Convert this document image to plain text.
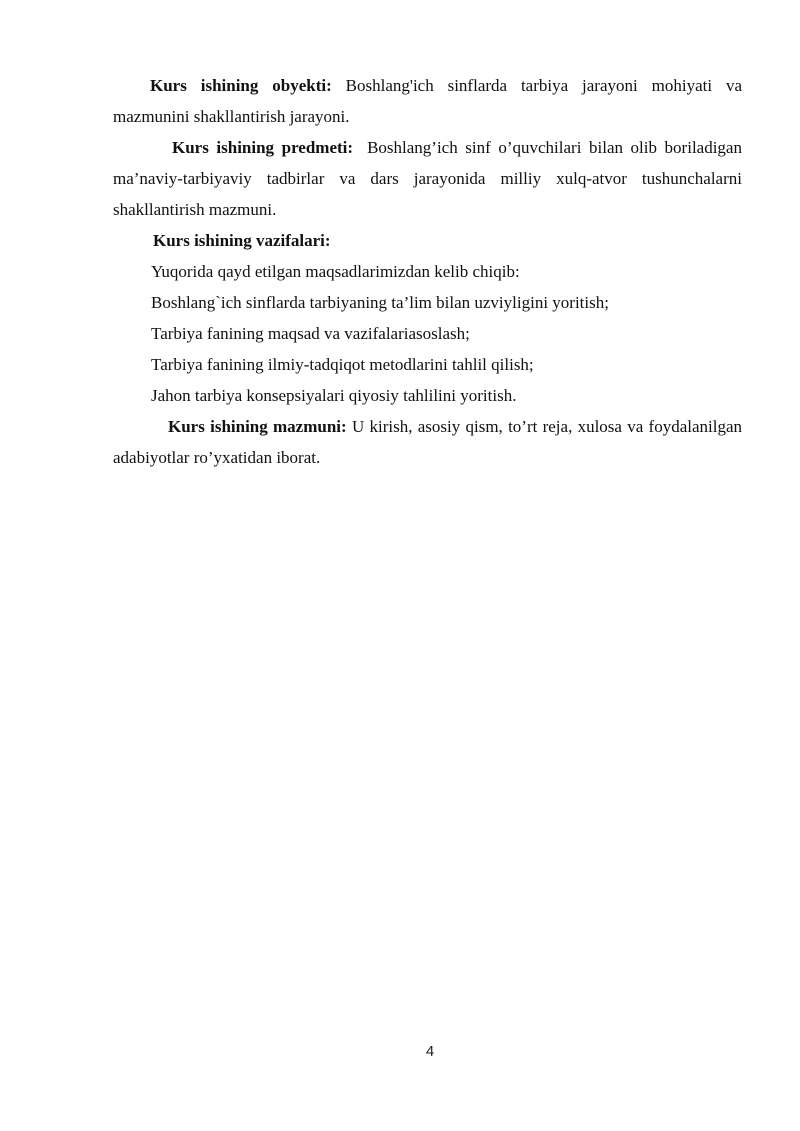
Kurs ishining obyekti: Boshlang'ich sinflarda tarbiya jarayoni mohiyati va mazmunini shakllantirish jarayoni.

Kurs ishining predmeti: Boshlang’ich sinf o’quvchilari bilan olib boriladigan ma’naviy-tarbiyaviy tadbirlar va dars jarayonida milliy xulq-atvor tushunchalarni shakllantirish mazmuni.

Kurs ishining vazifalari:

Yuqorida qayd etilgan maqsadlarimizdan kelib chiqib:

Boshlang`ich sinflarda tarbiyaning ta’lim bilan uzviyligini yoritish;

Tarbiya fanining maqsad va vazifalariasoslash;

Tarbiya fanining ilmiy-tadqiqot metodlarini tahlil qilish;

Jahon tarbiya konsepsiyalari qiyosiy tahlilini yoritish.

Kurs ishining mazmuni: U kirish, asosiy qism, to’rt reja, xulosa va foydalanilgan adabiyotlar ro’yxatidan iborat.

4
